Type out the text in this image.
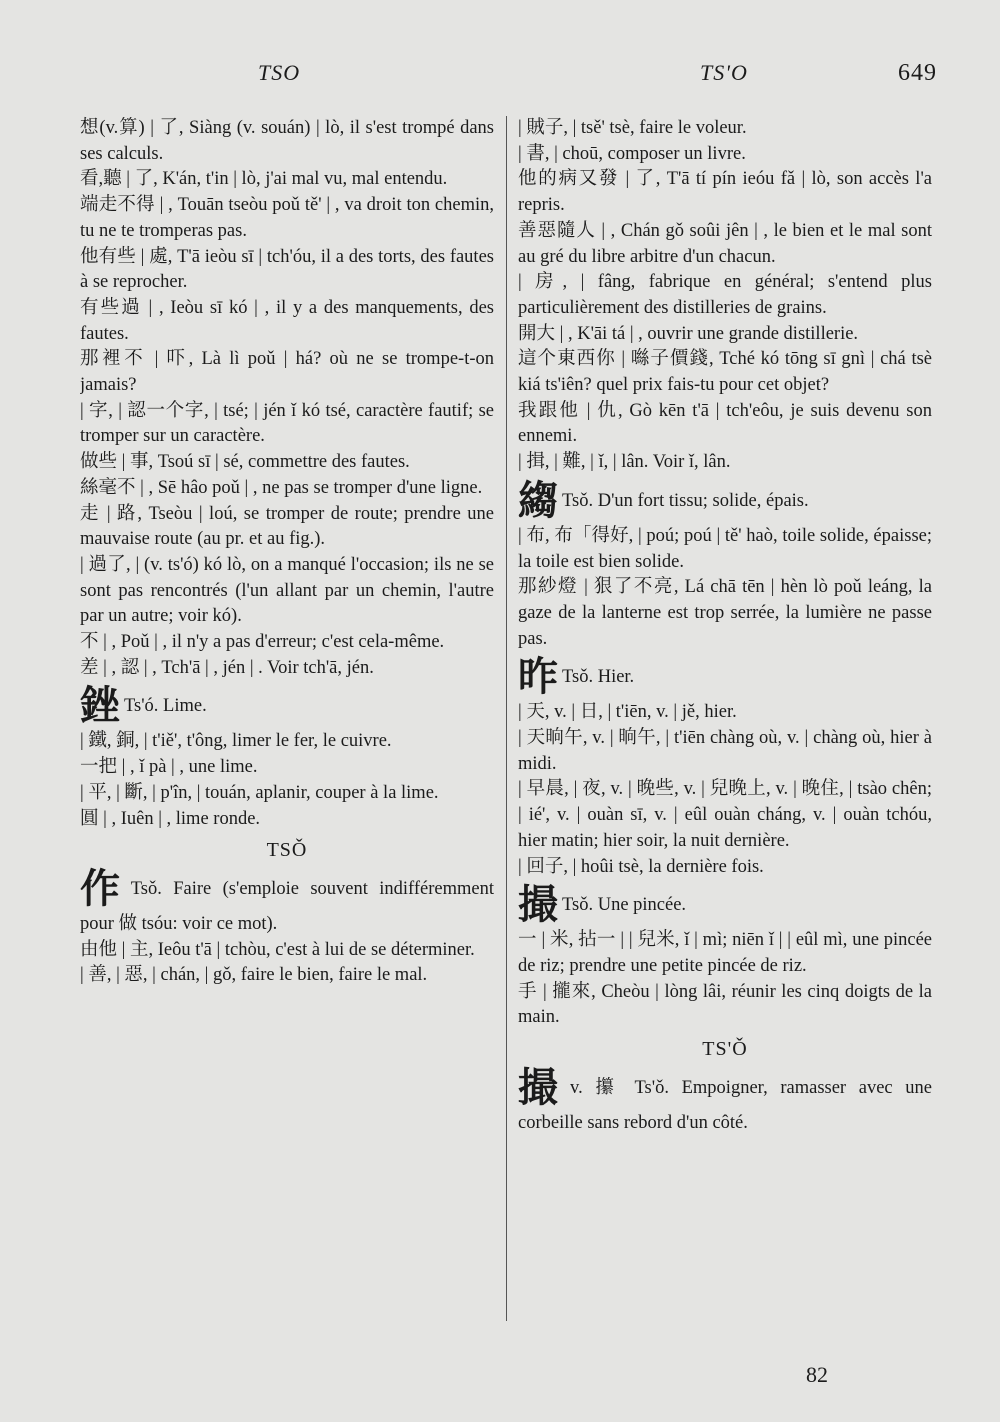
TSO	TS'O	649
想(v.算) | 了, Siàng (v. souán) | lò, il s'est trompé dans ses calculs.
看,聽 | 了, K'án, t'in | lò, j'ai mal vu, mal entendu.
端走不得 | , Touān tseòu poǔ tě' | , va droit ton chemin, tu ne te tromperas pas.
他有些 | 處, T'ā ieòu sī | tch'óu, il a des torts, des fautes à se reprocher.
有些過 | , Ieòu sī kó | , il y a des manquements, des fautes.
那裡不 | 吓, Là lì poǔ | há? où ne se trompe-t-on jamais?
| 字, | 認一个字, | tsé; | jén ǐ kó tsé, caractère fautif; se tromper sur un caractère.
做些 | 事, Tsoú sī | sé, commettre des fautes.
絲毫不 | , Sē hâo poǔ | , ne pas se tromper d'une ligne.
走 | 路, Tseòu | loú, se tromper de route; prendre une mauvaise route (au pr. et au fig.).
| 過了, | (v. ts'ó) kó lò, on a manqué l'occasion; ils ne se sont pas rencontrés (l'un allant par un chemin, l'autre par un autre; voir kó).
不 | , Poǔ | , il n'y a pas d'erreur; c'est cela-même.
差 | , 認 | , Tch'ā | , jén | . Voir tch'ā, jén.
銼 Ts'ó. Lime.
| 鐵, 銅, | t'iě', t'ông, limer le fer, le cuivre.
一把 | , ǐ pà | , une lime.
| 平, | 斷, | p'în, | touán, aplanir, couper à la lime.
圓 | , Iuên | , lime ronde.
TSǑ
作 Tsǒ. Faire (s'emploie souvent indifféremment pour 做 tsóu: voir ce mot).
由他 | 主, Ieôu t'ā | tchòu, c'est à lui de se déterminer.
| 善, | 惡, | chán, | gǒ, faire le bien, faire le mal.
| 賊子, | tsě' tsè, faire le voleur.
| 書, | choū, composer un livre.
他的病又發 | 了, T'ā tí pín ieóu fǎ | lò, son accès l'a repris.
善惡隨人 | , Chán gǒ soûi jên | , le bien et le mal sont au gré du libre arbitre d'un chacun.
| 房, | fâng, fabrique en général; s'entend plus particulièrement des distilleries de grains.
開大 | , K'āi tá | , ouvrir une grande distillerie.
這个東西你 | 噝子價錢, Tché kó tōng sī gnì | chá tsè kiá ts'iên? quel prix fais-tu pour cet objet?
我跟他 | 仇, Gò kēn t'ā | tch'eôu, je suis devenu son ennemi.
| 揖, | 難, | ǐ, | lân. Voir ǐ, lân.
縐 Tsǒ. D'un fort tissu; solide, épais.
| 布, 布「得好, | poú; poú | tě' haò, toile solide, épaisse; la toile est bien solide.
那紗燈 | 狠了不亮, Lá chā tēn | hèn lò poǔ leáng, la gaze de la lanterne est trop serrée, la lumière ne passe pas.
昨 Tsǒ. Hier.
| 天, v. | 日, | t'iēn, v. | jě, hier.
| 天晌午, v. | 晌午, | t'iēn chàng où, v. | chàng où, hier à midi.
| 早晨, | 夜, v. | 晚些, v. | 兒晚上, v. | 晚住, | tsào chên; | ié', v. | ouàn sī, v. | eûl ouàn cháng, v. | ouàn tchóu, hier matin; hier soir, la nuit dernière.
| 回子, | hoûi tsè, la dernière fois.
撮 Tsǒ. Une pincée.
一 | 米, 拈一 | | 兒米, ǐ | mì; niēn ǐ | | eûl mì, une pincée de riz; prendre une petite pincée de riz.
手 | 攏來, Cheòu | lòng lâi, réunir les cinq doigts de la main.
TS'Ǒ
撮v. 攥 Ts'ǒ. Empoigner, ramasser avec une corbeille sans rebord d'un côté.
82
